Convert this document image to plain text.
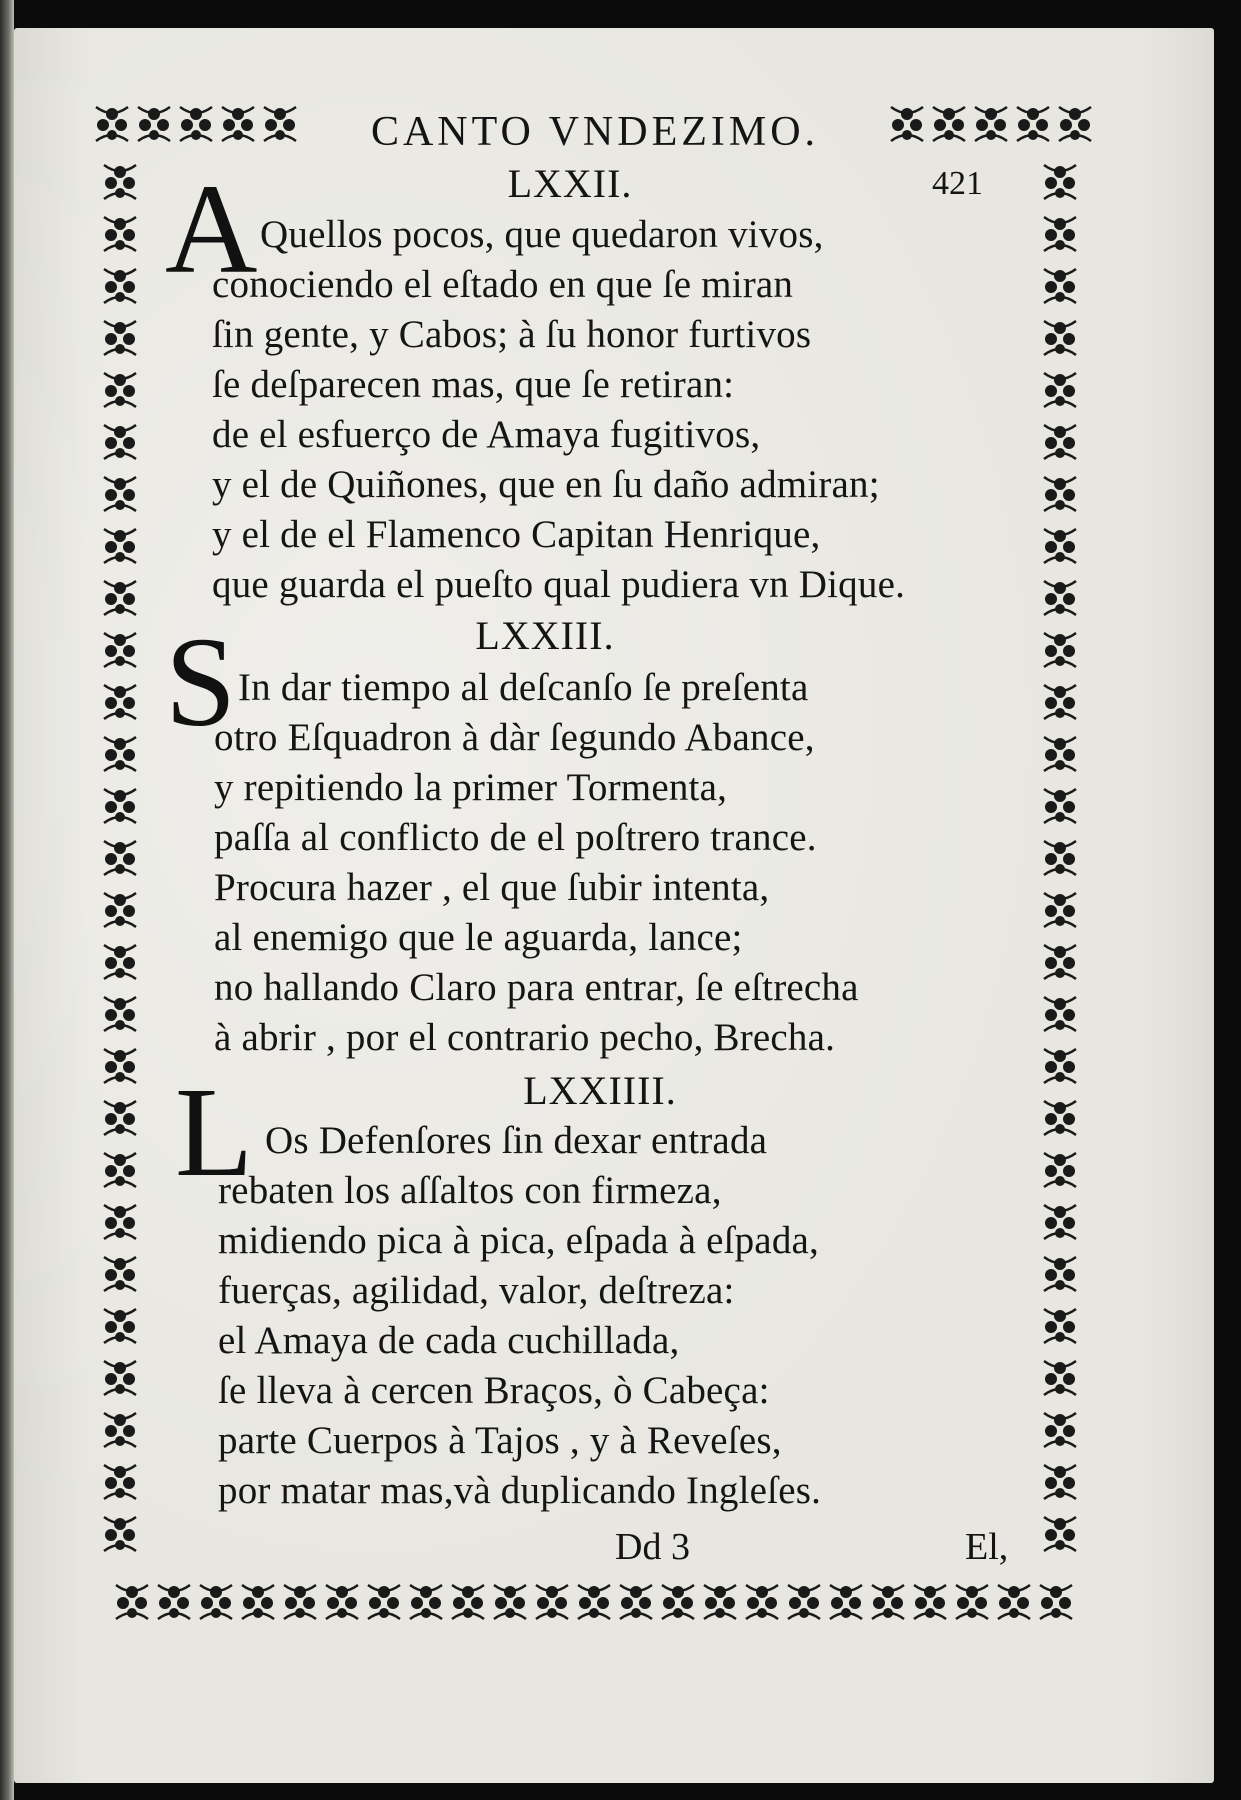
CANTO VNDEZIMO.
421
LXXII.
A Quellos pocos, que quedaron vivos,
conociendo el eſtado en que ſe miran
ſin gente, y Cabos; à ſu honor furtivos
ſe deſparecen mas, que ſe retiran:
de el esfuerço de Amaya fugitivos,
y el de Quiñones, que en ſu daño admiran;
y el de el Flamenco Capitan Henrique,
que guarda el pueſto qual pudiera vn Dique.
LXXIII.
S In dar tiempo al deſcanſo ſe preſenta
otro Eſquadron à dàr ſegundo Abance,
y repitiendo la primer Tormenta,
paſſa al conflicto de el poſtrero trance.
Procura hazer , el que ſubir intenta,
al enemigo que le aguarda, lance;
no hallando Claro para entrar, ſe eſtrecha
à abrir , por el contrario pecho, Brecha.
LXXIIII.
L Os Defenſores ſin dexar entrada
rebaten los aſſaltos con firmeza,
midiendo pica à pica, eſpada à eſpada,
fuerças, agilidad, valor, deſtreza:
el Amaya de cada cuchillada,
ſe lleva à cercen Braços, ò Cabeça:
parte Cuerpos à Tajos , y à Reveſes,
por matar mas,và duplicando Ingleſes.
Dd 3	El,
